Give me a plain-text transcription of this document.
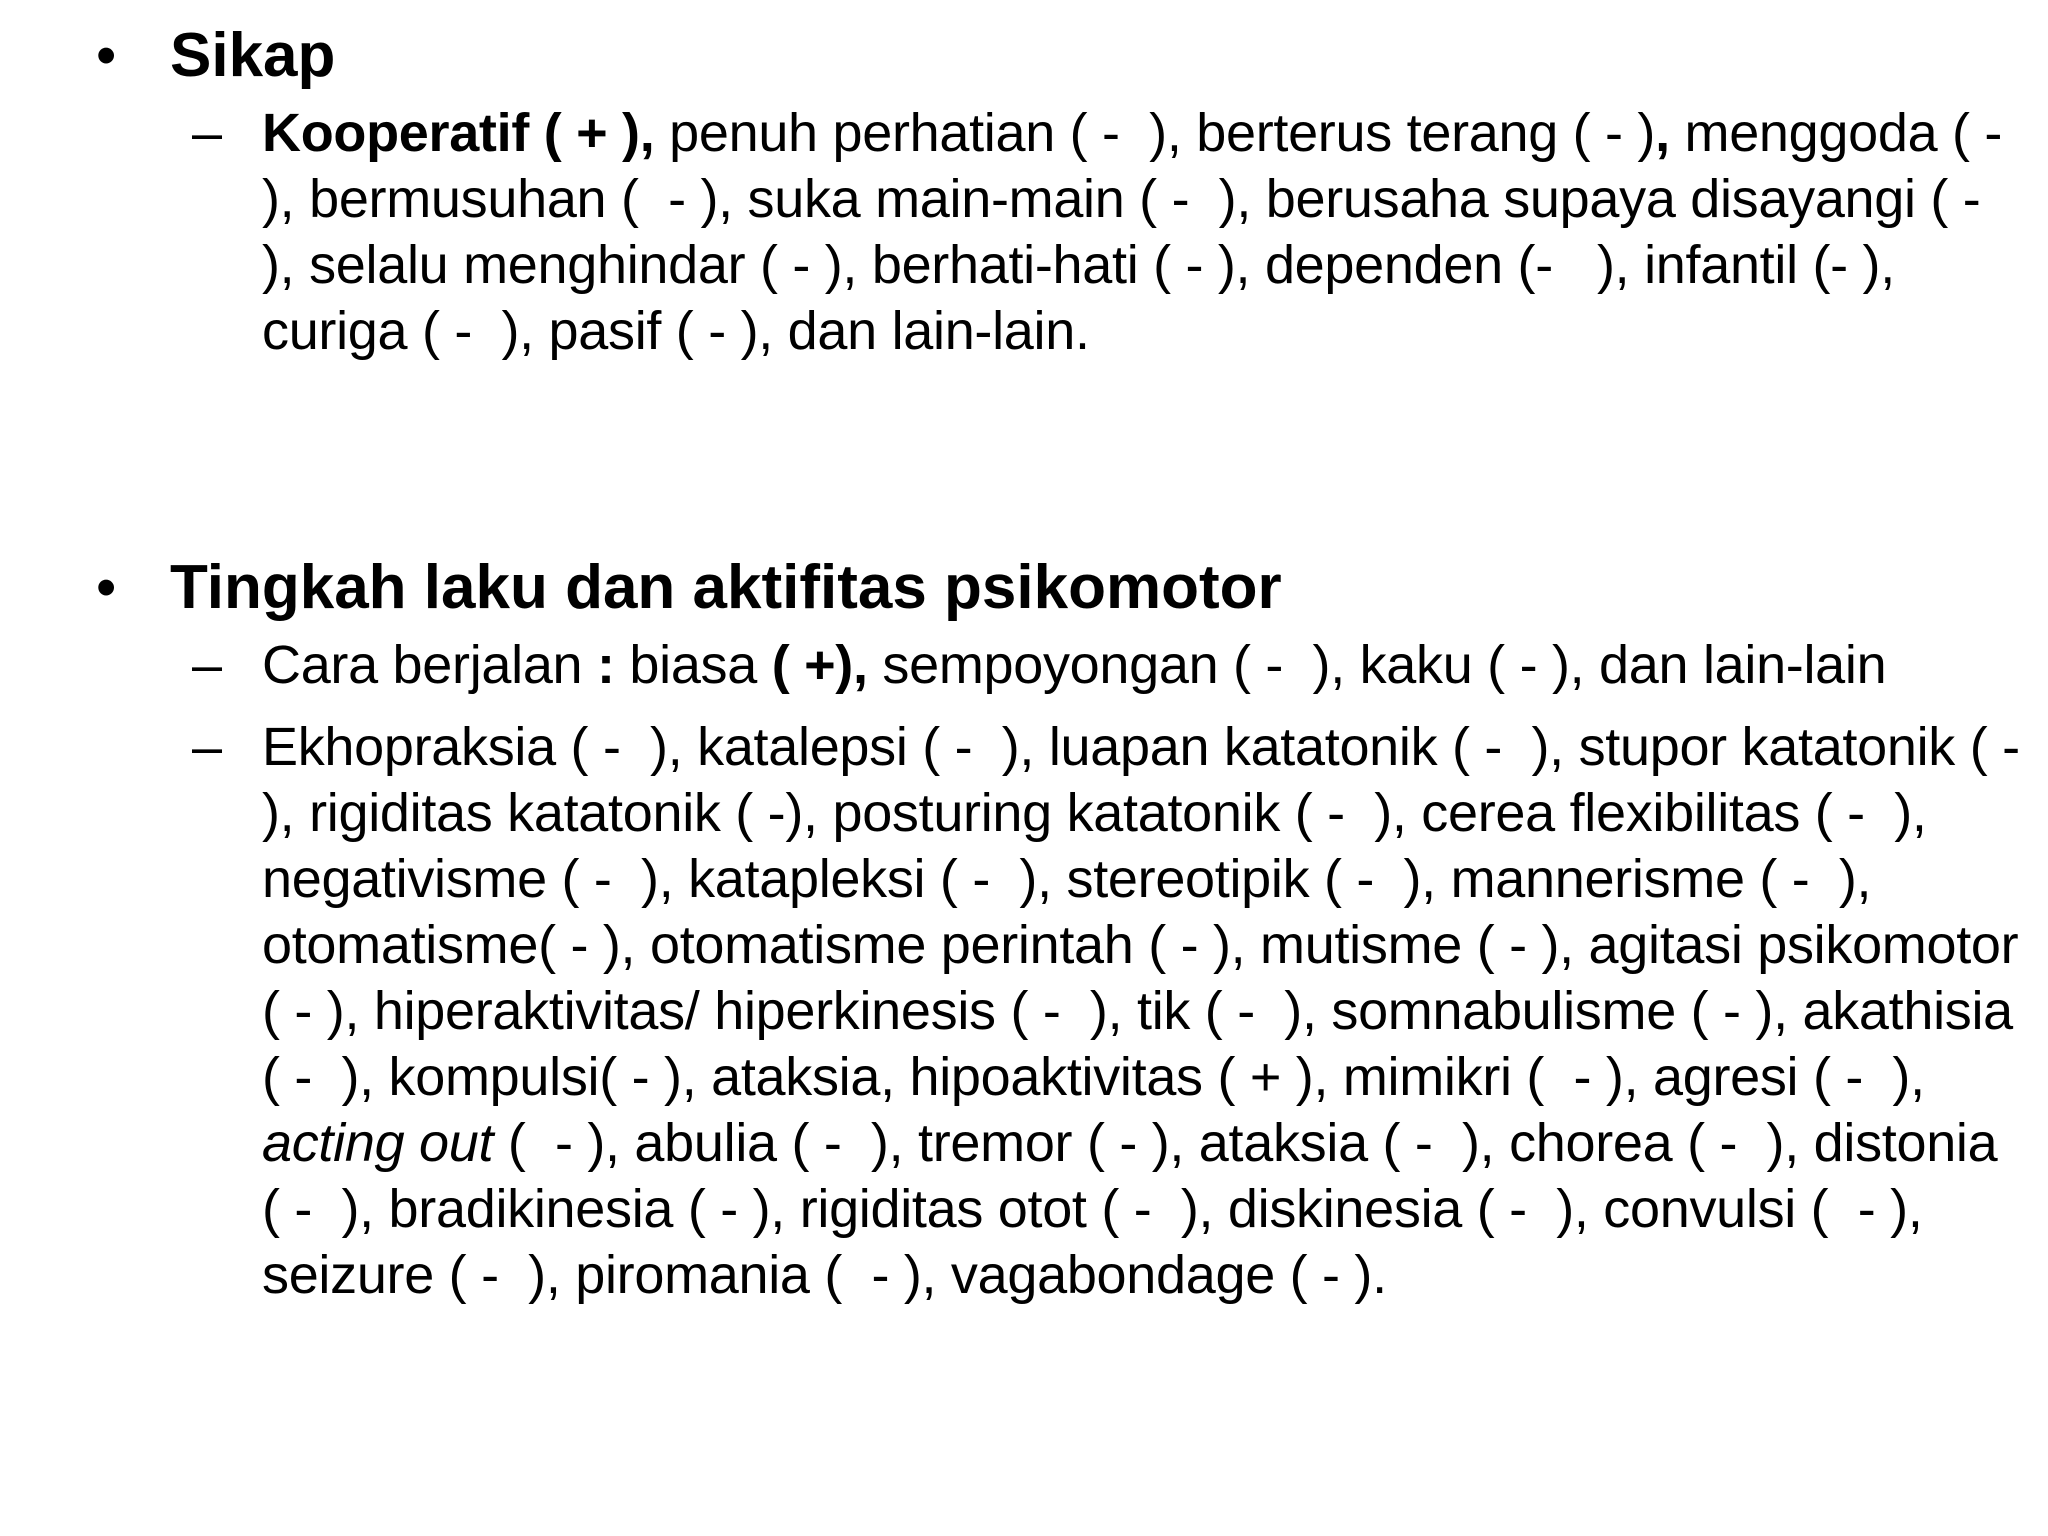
• Sikap
– Kooperatif ( + ), penuh perhatian ( -  ), berterus terang ( - ), menggoda ( -  ), bermusuhan (  - ), suka main-main ( -  ), berusaha supaya disayangi ( -  ), selalu menghindar ( - ), berhati-hati ( - ), dependen (-   ), infantil (- ), curiga ( -  ), pasif ( - ), dan lain-lain.
• Tingkah laku dan aktifitas psikomotor
– Cara berjalan : biasa ( +), sempoyongan ( -  ), kaku ( - ), dan lain-lain
– Ekhopraksia ( -  ), katalepsi ( -  ), luapan katatonik ( -  ), stupor katatonik ( - ), rigiditas katatonik ( -), posturing katatonik ( -  ), cerea flexibilitas ( -  ), negativisme ( -  ), katapleksi ( -  ), stereotipik ( -  ), mannerisme ( -  ), otomatisme( - ), otomatisme perintah ( - ), mutisme ( - ), agitasi psikomotor ( - ), hiperaktivitas/ hiperkinesis ( -  ), tik ( -  ), somnabulisme ( - ), akathisia ( -  ), kompulsi( - ), ataksia, hipoaktivitas ( + ), mimikri (  - ), agresi ( -  ), acting out (  - ), abulia ( -  ), tremor ( - ), ataksia ( -  ), chorea ( -  ), distonia ( -  ), bradikinesia ( - ), rigiditas otot ( -  ), diskinesia ( -  ), convulsi (  - ), seizure ( -  ), piromania (  - ), vagabondage ( - ).
